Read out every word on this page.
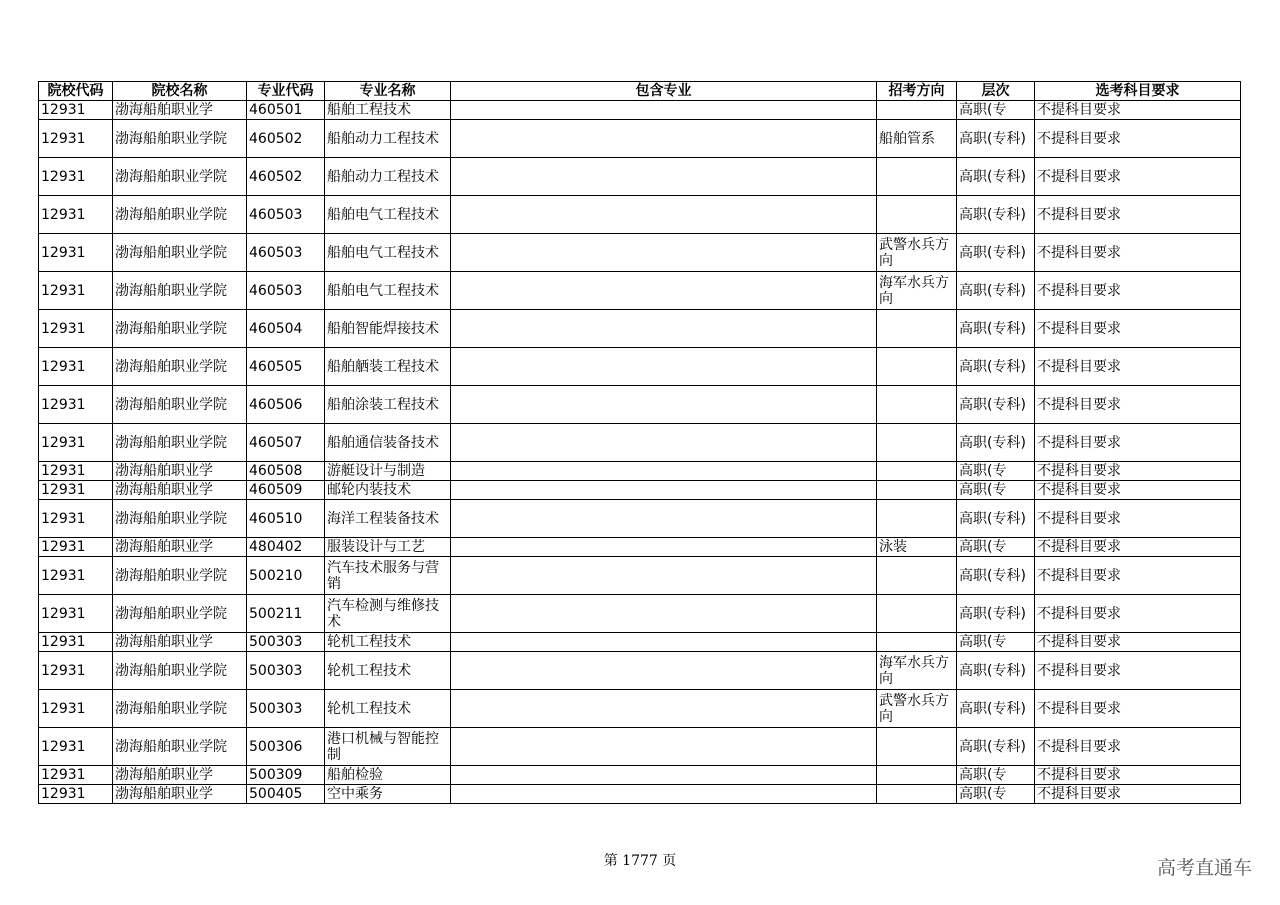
院校代码	院校名称	专业代码	专业名称	包含专业	招考方向	层次	选考科目要求

12931	渤海船舶职业学	460501	船舶工程技术			高职(专	不提科目要求

12931	渤海船舶职业学院	460502	船舶动力工程技术		船舶管系	高职(专科)	不提科目要求

12931	渤海船舶职业学院	460502	船舶动力工程技术			高职(专科)	不提科目要求

12931	渤海船舶职业学院	460503	船舶电气工程技术			高职(专科)	不提科目要求

12931	渤海船舶职业学院	460503	船舶电气工程技术		武警水兵方向	高职(专科)	不提科目要求

12931	渤海船舶职业学院	460503	船舶电气工程技术		海军水兵方向	高职(专科)	不提科目要求

12931	渤海船舶职业学院	460504	船舶智能焊接技术			高职(专科)	不提科目要求

12931	渤海船舶职业学院	460505	船舶舾装工程技术			高职(专科)	不提科目要求

12931	渤海船舶职业学院	460506	船舶涂装工程技术			高职(专科)	不提科目要求

12931	渤海船舶职业学院	460507	船舶通信装备技术			高职(专科)	不提科目要求

12931	渤海船舶职业学	460508	游艇设计与制造			高职(专	不提科目要求

12931	渤海船舶职业学	460509	邮轮内装技术			高职(专	不提科目要求

12931	渤海船舶职业学院	460510	海洋工程装备技术			高职(专科)	不提科目要求

12931	渤海船舶职业学	480402	服装设计与工艺		泳装	高职(专	不提科目要求

12931	渤海船舶职业学院	500210	汽车技术服务与营销			高职(专科)	不提科目要求

12931	渤海船舶职业学院	500211	汽车检测与维修技术			高职(专科)	不提科目要求

12931	渤海船舶职业学	500303	轮机工程技术			高职(专	不提科目要求

12931	渤海船舶职业学院	500303	轮机工程技术		海军水兵方向	高职(专科)	不提科目要求

12931	渤海船舶职业学院	500303	轮机工程技术		武警水兵方向	高职(专科)	不提科目要求

12931	渤海船舶职业学院	500306	港口机械与智能控制			高职(专科)	不提科目要求

12931	渤海船舶职业学	500309	船舶检验			高职(专	不提科目要求

12931	渤海船舶职业学	500405	空中乘务			高职(专	不提科目要求
第 1777 页	高考直通车
